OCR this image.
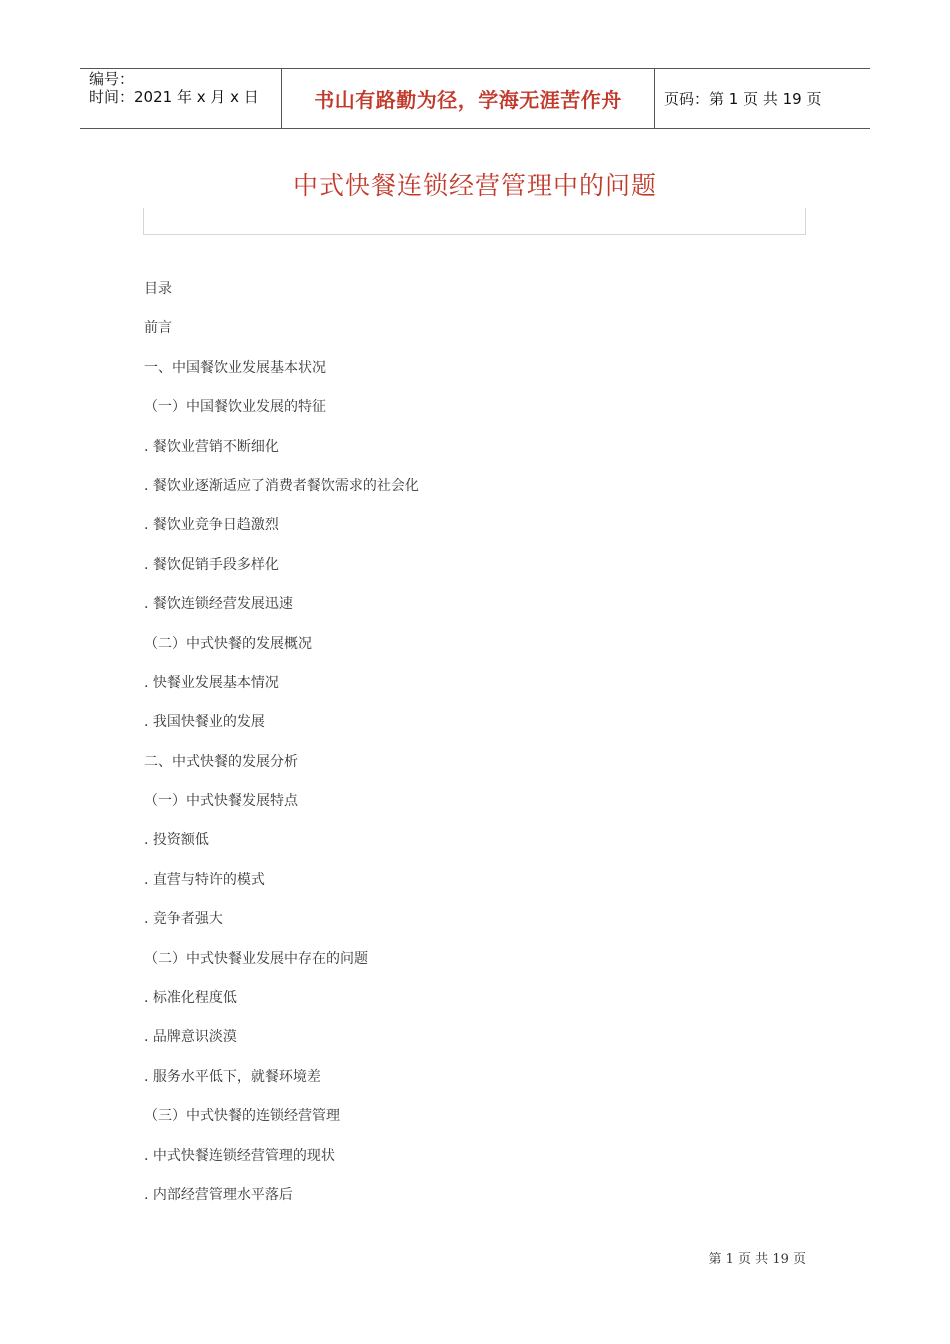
编号：
时间：2021 年 x 月 x 日	书山有路勤为径，学海无涯苦作舟	页码：第 1 页 共 19 页
中式快餐连锁经营管理中的问题
目录
前言
一、中国餐饮业发展基本状况
（一）中国餐饮业发展的特征
. 餐饮业营销不断细化
. 餐饮业逐渐适应了消费者餐饮需求的社会化
. 餐饮业竞争日趋激烈
. 餐饮促销手段多样化
. 餐饮连锁经营发展迅速
（二）中式快餐的发展概况
. 快餐业发展基本情况
. 我国快餐业的发展
二、中式快餐的发展分析
（一）中式快餐发展特点
. 投资额低
. 直营与特许的模式
. 竞争者强大
（二）中式快餐业发展中存在的问题
. 标准化程度低
. 品牌意识淡漠
. 服务水平低下，就餐环境差
（三）中式快餐的连锁经营管理
. 中式快餐连锁经营管理的现状
. 内部经营管理水平落后
第 1 页 共 19 页
